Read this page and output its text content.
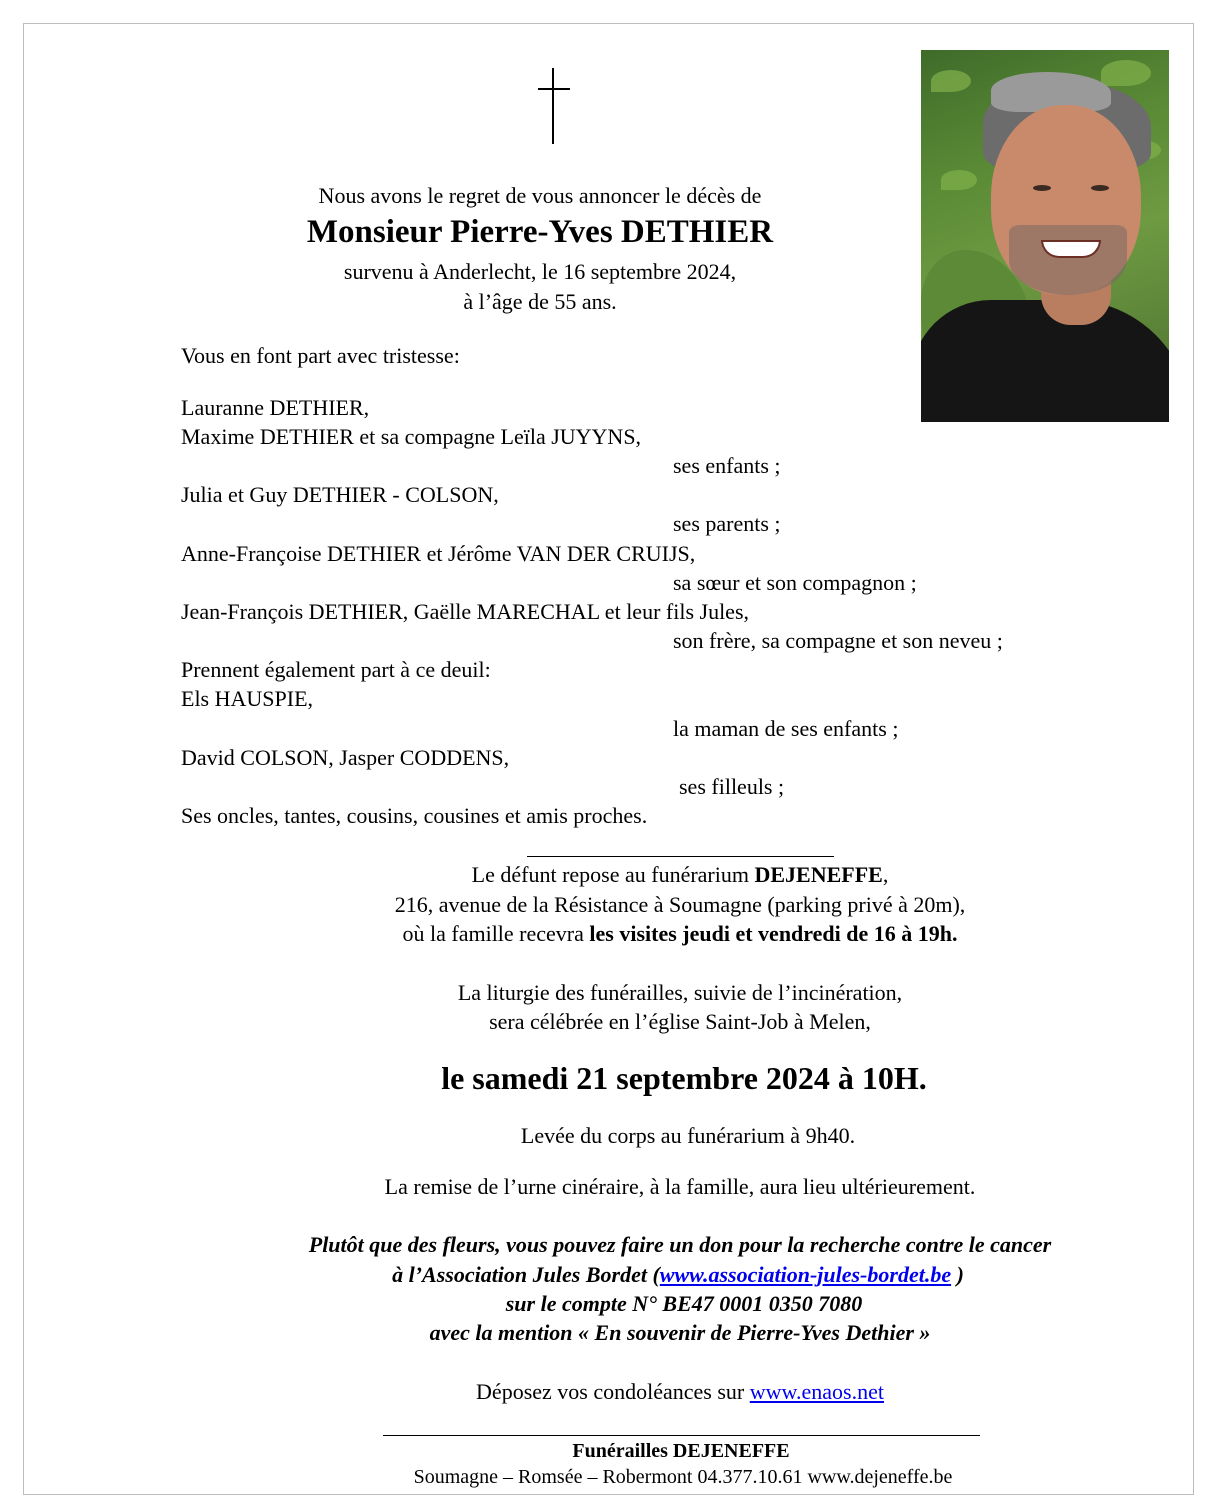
Nous avons le regret de vous annoncer le décès de
Monsieur Pierre-Yves DETHIER
survenu à Anderlecht, le 16 septembre 2024,
à l’âge de 55 ans.
Vous en font part avec tristesse:
Lauranne DETHIER,
Maxime DETHIER et sa compagne Leïla JUYYNS,
ses enfants ;
Julia et Guy DETHIER - COLSON,
ses parents ;
Anne-Françoise DETHIER et Jérôme VAN DER CRUIJS,
sa sœur et son compagnon ;
Jean-François DETHIER, Gaëlle MARECHAL et leur fils Jules,
son frère, sa compagne et son neveu ;
Prennent également part à ce deuil:
Els HAUSPIE,
la maman de ses enfants ;
David COLSON, Jasper CODDENS,
ses filleuls ;
Ses oncles, tantes, cousins, cousines et amis proches.
Le défunt repose au funérarium DEJENEFFE,
216, avenue de la Résistance à Soumagne (parking privé à 20m),
où la famille recevra les visites jeudi et vendredi de 16 à 19h.
La liturgie des funérailles, suivie de l’incinération,
sera célébrée en l’église Saint-Job à Melen,
le samedi 21 septembre 2024 à 10H.
Levée du corps au funérarium à 9h40.
La remise de l’urne cinéraire, à la famille, aura lieu ultérieurement.
Plutôt que des fleurs, vous pouvez faire un don pour la recherche contre le cancer
à l’Association Jules Bordet (www.association-jules-bordet.be )
sur le compte N° BE47 0001 0350 7080
avec la mention « En souvenir de Pierre-Yves Dethier »
Déposez vos condoléances sur www.enaos.net
Funérailles DEJENEFFE
Soumagne – Romsée – Robermont 04.377.10.61 www.dejeneffe.be
